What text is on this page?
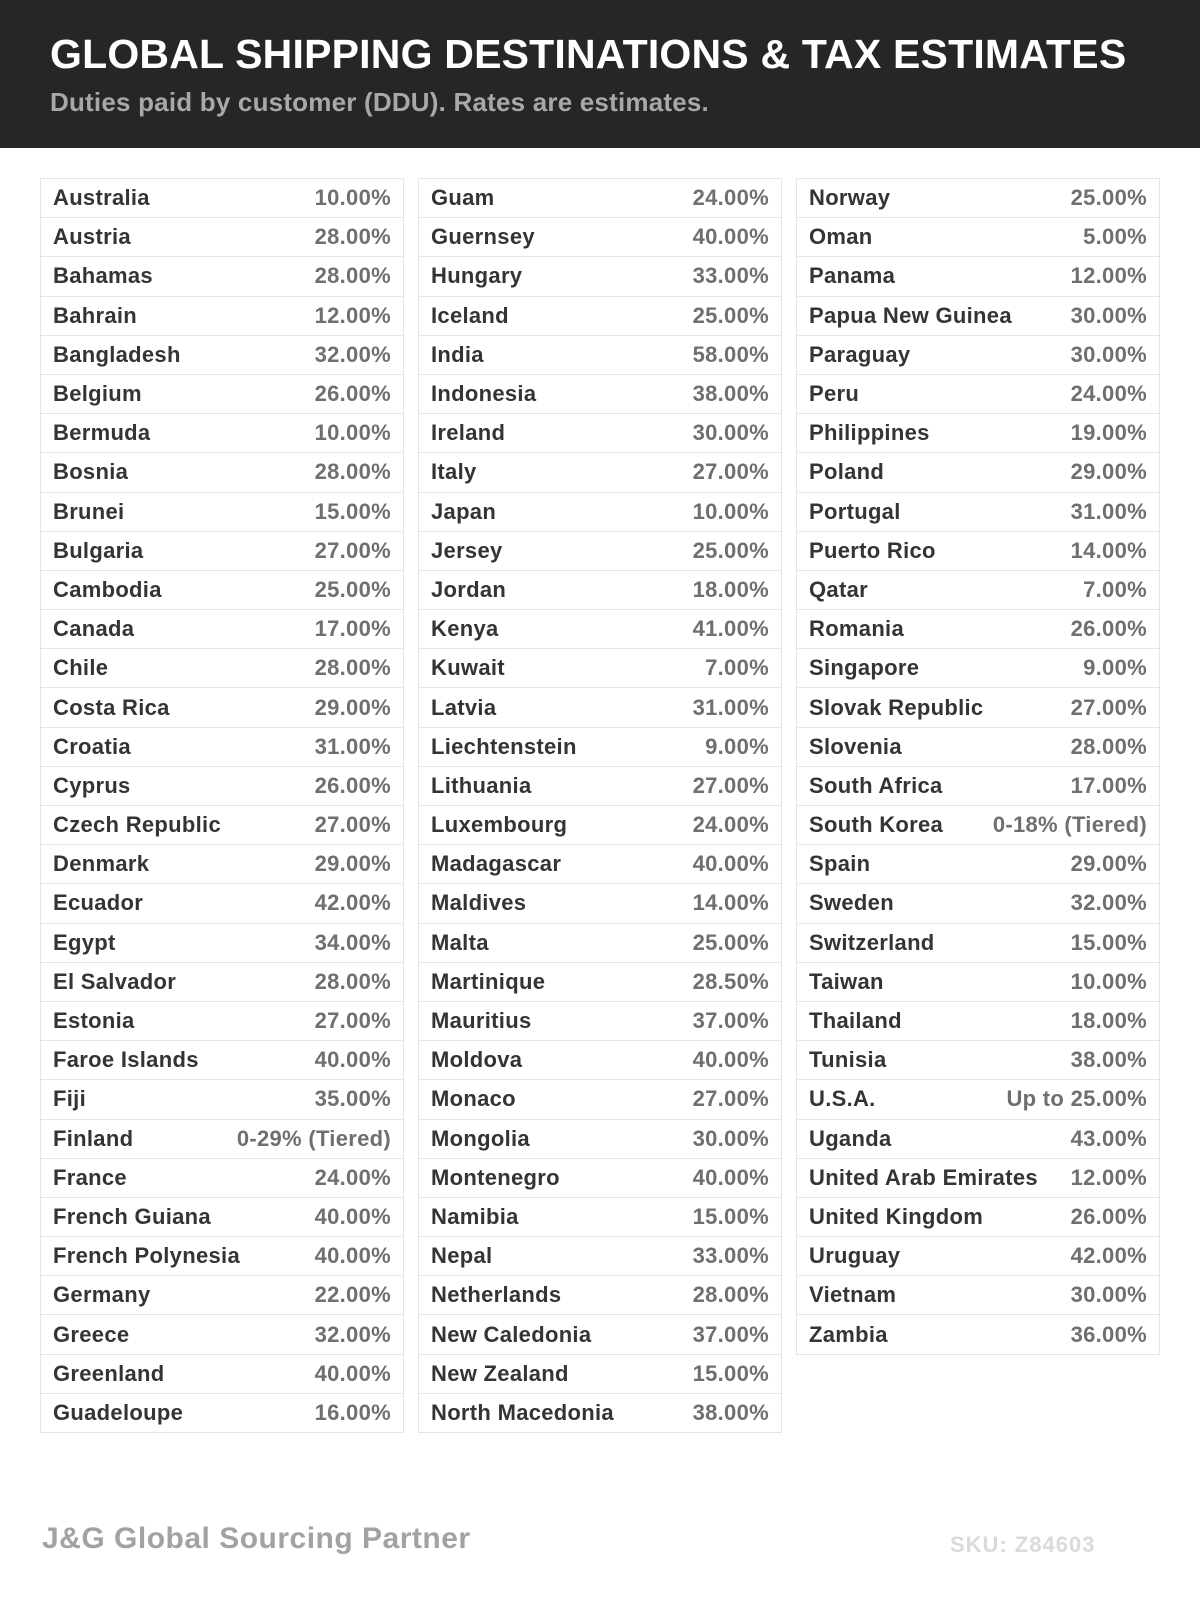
GLOBAL SHIPPING DESTINATIONS & TAX ESTIMATES

Duties paid by customer (DDU). Rates are estimates.

Australia	10.00%
Austria	28.00%
Bahamas	28.00%
Bahrain	12.00%
Bangladesh	32.00%
Belgium	26.00%
Bermuda	10.00%
Bosnia	28.00%
Brunei	15.00%
Bulgaria	27.00%
Cambodia	25.00%
Canada	17.00%
Chile	28.00%
Costa Rica	29.00%
Croatia	31.00%
Cyprus	26.00%
Czech Republic	27.00%
Denmark	29.00%
Ecuador	42.00%
Egypt	34.00%
El Salvador	28.00%
Estonia	27.00%
Faroe Islands	40.00%
Fiji	35.00%
Finland	0-29% (Tiered)
France	24.00%
French Guiana	40.00%
French Polynesia	40.00%
Germany	22.00%
Greece	32.00%
Greenland	40.00%
Guadeloupe	16.00%
Guam	24.00%
Guernsey	40.00%
Hungary	33.00%
Iceland	25.00%
India	58.00%
Indonesia	38.00%
Ireland	30.00%
Italy	27.00%
Japan	10.00%
Jersey	25.00%
Jordan	18.00%
Kenya	41.00%
Kuwait	7.00%
Latvia	31.00%
Liechtenstein	9.00%
Lithuania	27.00%
Luxembourg	24.00%
Madagascar	40.00%
Maldives	14.00%
Malta	25.00%
Martinique	28.50%
Mauritius	37.00%
Moldova	40.00%
Monaco	27.00%
Mongolia	30.00%
Montenegro	40.00%
Namibia	15.00%
Nepal	33.00%
Netherlands	28.00%
New Caledonia	37.00%
New Zealand	15.00%
North Macedonia	38.00%
Norway	25.00%
Oman	5.00%
Panama	12.00%
Papua New Guinea	30.00%
Paraguay	30.00%
Peru	24.00%
Philippines	19.00%
Poland	29.00%
Portugal	31.00%
Puerto Rico	14.00%
Qatar	7.00%
Romania	26.00%
Singapore	9.00%
Slovak Republic	27.00%
Slovenia	28.00%
South Africa	17.00%
South Korea 0-18% (Tiered)
Spain	29.00%
Sweden	32.00%
Switzerland	15.00%
Taiwan	10.00%
Thailand	18.00%
Tunisia	38.00%
U.S.A.	Up to 25.00%
Uganda	43.00%
United Arab Emirates 12.00%
United Kingdom	26.00%
Uruguay	42.00%
Vietnam	30.00%
Zambia	36.00%
J&G Global Sourcing Partner	SKU: Z84603
